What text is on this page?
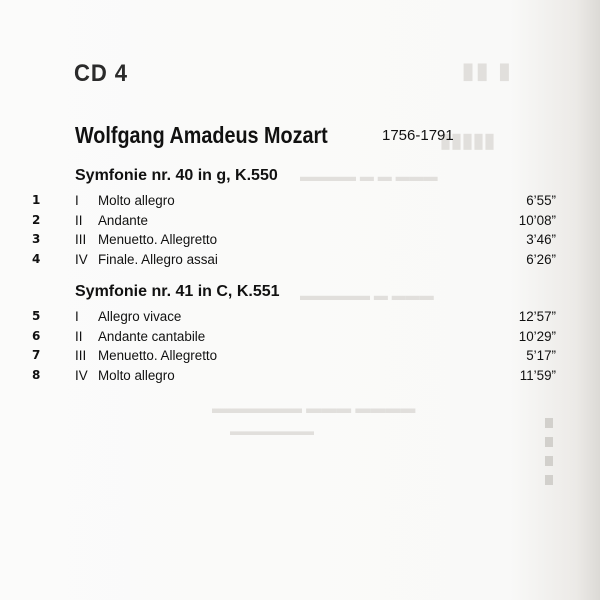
▮▮ ▮
▮▮▮▮▮
▬▬▬▬ ▬ ▬ ▬▬▬
▬▬▬▬▬ ▬ ▬▬▬
▬▬▬▬▬▬ ▬▬▬ ▬▬▬▬
▬▬▬▬▬▬▬
CD 4
Wolfgang Amadeus Mozart	1756-1791
Symfonie nr. 40 in g, K.550
1	I Molto allegro	6’55”
2	II Andante	10’08”
3	III Menuetto. Allegretto	3’46”
4	IV Finale. Allegro assai	6’26”
Symfonie nr. 41 in C, K.551
5	I Allegro vivace	12’57”
6	II Andante cantabile	10’29”
7	III Menuetto. Allegretto	5’17”
8	IV Molto allegro	11’59”
